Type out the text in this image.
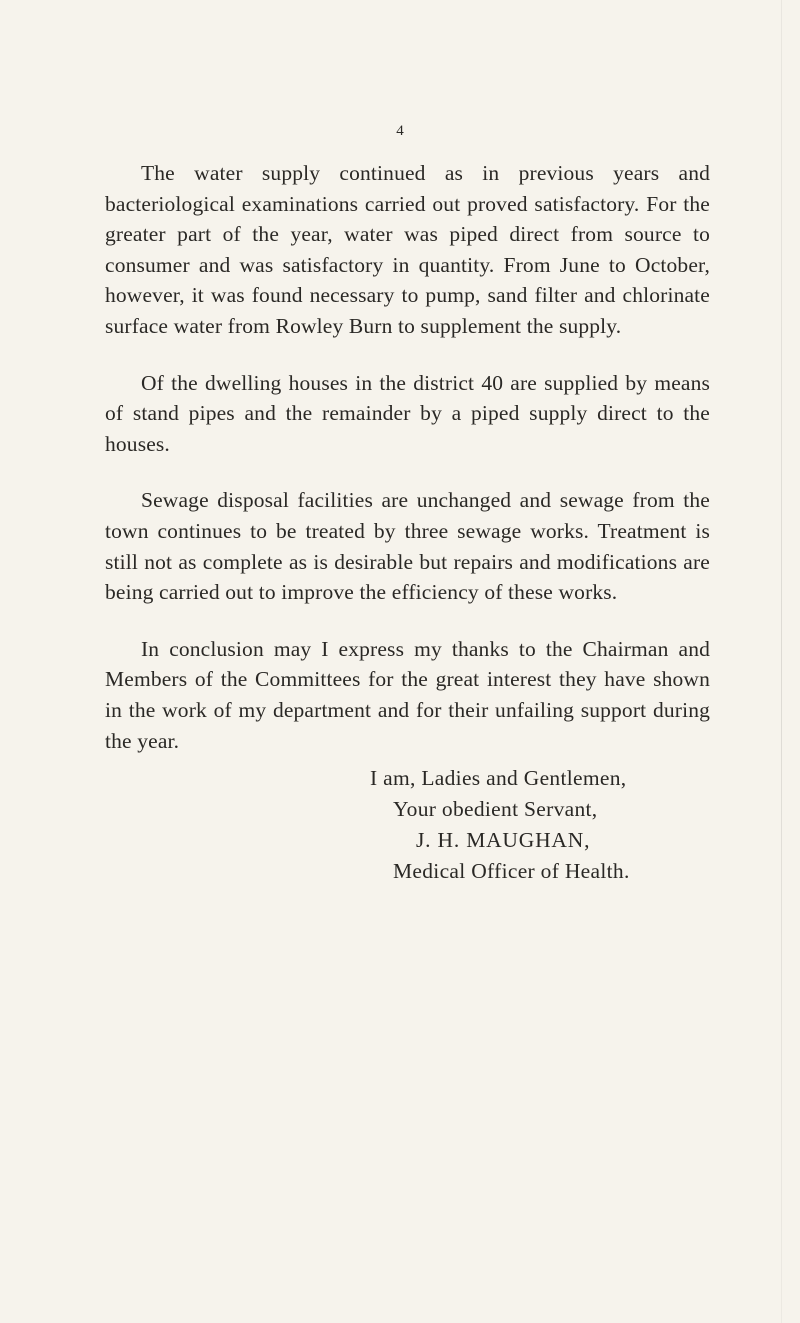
4

The water supply continued as in previous years and bacteriological examinations carried out proved satisfactory. For the greater part of the year, water was piped direct from source to consumer and was satisfactory in quantity. From June to October, however, it was found necessary to pump, sand filter and chlorinate surface water from Rowley Burn to supplement the supply.

Of the dwelling houses in the district 40 are supplied by means of stand pipes and the remainder by a piped supply direct to the houses.

Sewage disposal facilities are unchanged and sewage from the town continues to be treated by three sewage works. Treatment is still not as complete as is desirable but repairs and modifications are being carried out to improve the efficiency of these works.

In conclusion may I express my thanks to the Chairman and Members of the Committees for the great interest they have shown in the work of my department and for their unfailing support during the year.

I am, Ladies and Gentlemen,
Your obedient Servant,
J. H. MAUGHAN,
Medical Officer of Health.
